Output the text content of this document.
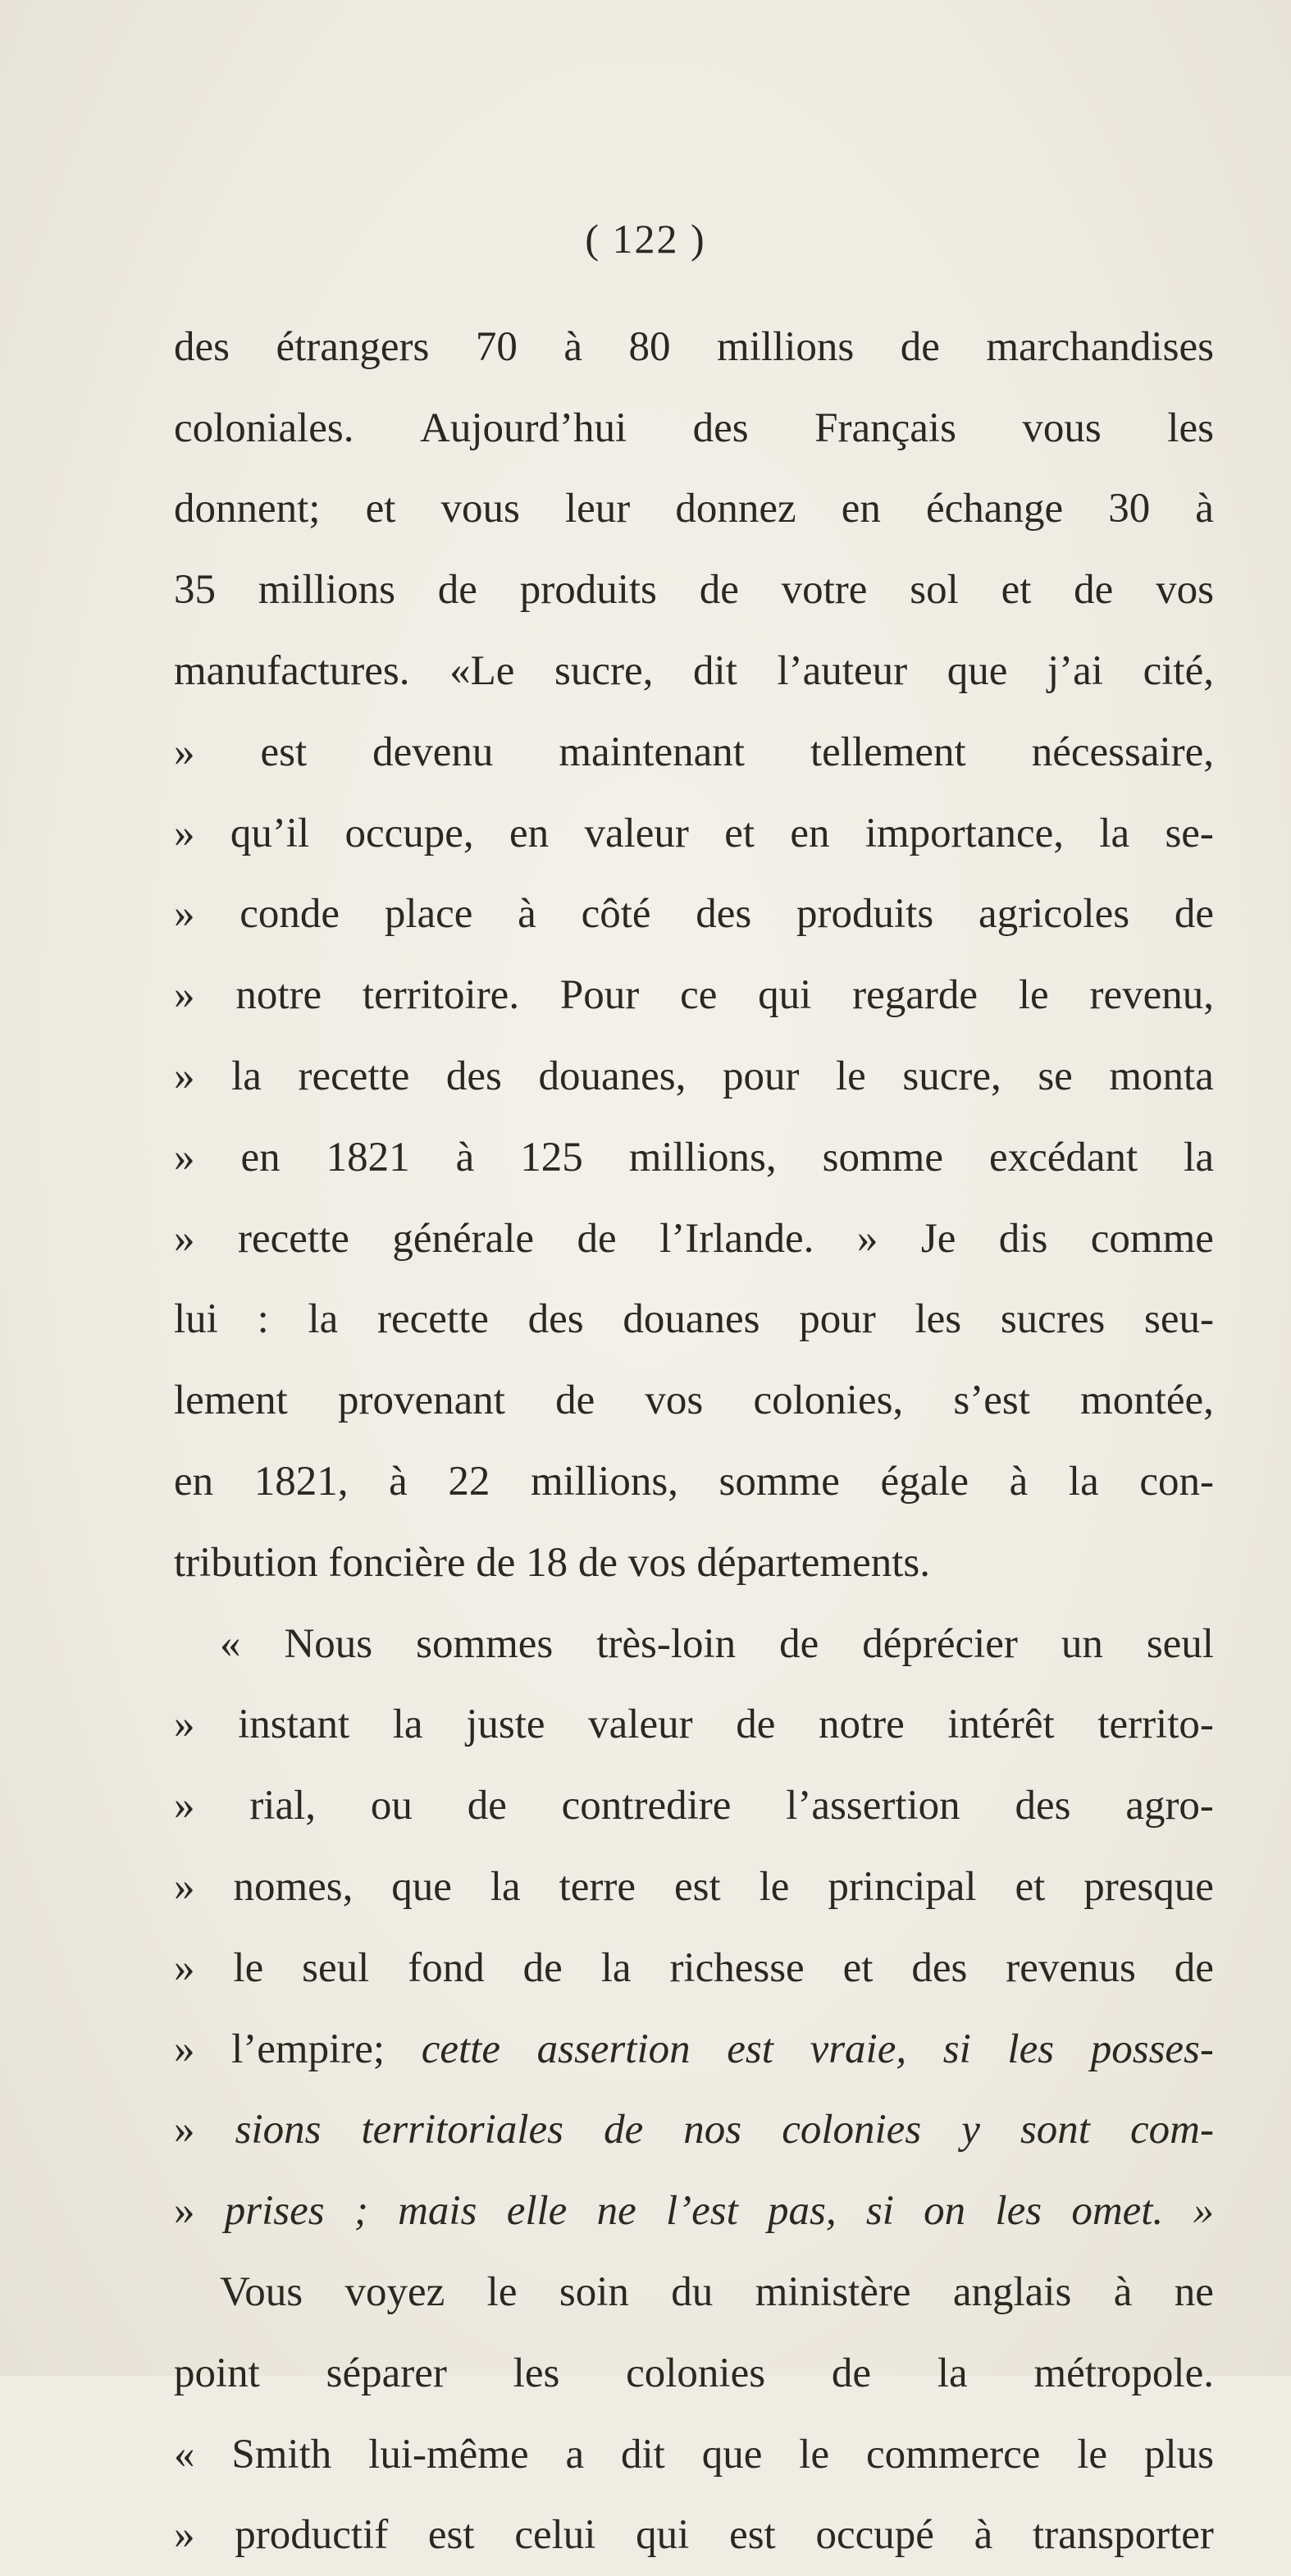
( 122 )
des étrangers 70 à 80 millions de marchandises
coloniales. Aujourd’hui des Français vous les
donnent; et vous leur donnez en échange 30 à
35 millions de produits de votre sol et de vos
manufactures. «Le sucre, dit l’auteur que j’ai cité,
» est devenu maintenant tellement nécessaire,
» qu’il occupe, en valeur et en importance, la se-
» conde place à côté des produits agricoles de
» notre territoire. Pour ce qui regarde le revenu,
» la recette des douanes, pour le sucre, se monta
» en 1821 à 125 millions, somme excédant la
» recette générale de l’Irlande. » Je dis comme
lui : la recette des douanes pour les sucres seu-
lement provenant de vos colonies, s’est montée,
en 1821, à 22 millions, somme égale à la con-
tribution
foncière
de
18
de
vos
départements.
« Nous sommes très-loin de déprécier un seul
» instant la juste valeur de notre intérêt territo-
» rial, ou de contredire l’assertion des agro-
» nomes, que la terre est le principal et presque
» le seul fond de la richesse et des revenus de
» l’empire; cette assertion est vraie, si les posses-
» sions territoriales de nos colonies y sont com-
» prises ; mais elle ne l’est pas, si on les omet. »
Vous voyez le soin du ministère anglais à ne
point séparer les colonies de la métropole.
« Smith lui-même a dit que le commerce le plus
» productif est celui qui est occupé à transporter
